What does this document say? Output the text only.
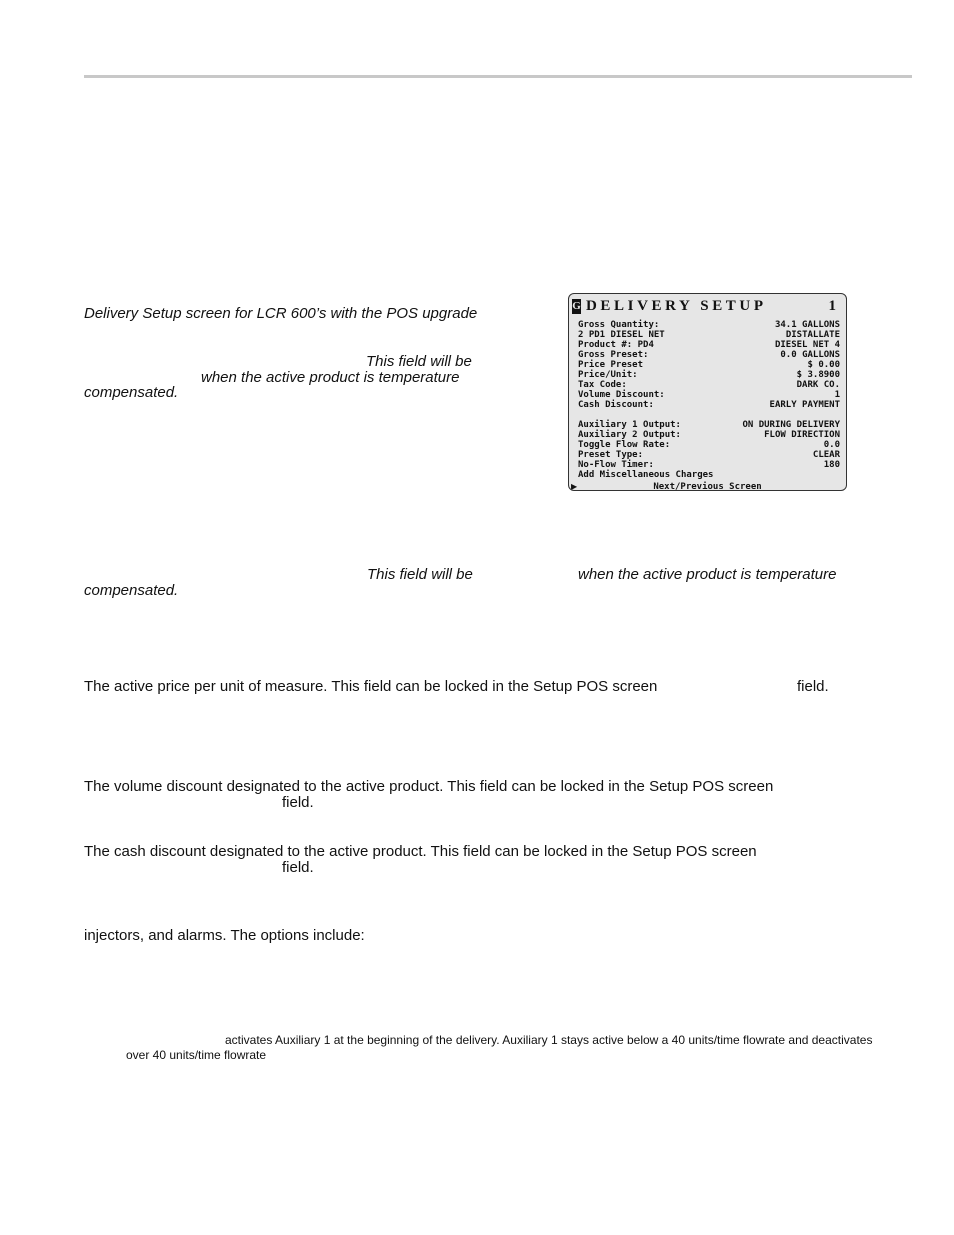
Delivery Setup screen for LCR 600’s with the POS upgrade
This field will be
when the active product is temperature
compensated.
This field will be	when the active product is temperature
compensated.
The active price per unit of measure. This field can be locked in the Setup POS screen	field.
The volume discount designated to the active product. This field can be locked in the Setup POS screen
field.
The cash discount designated to the active product. This field can be locked in the Setup POS screen
field.
injectors, and alarms. The options include:
activates Auxiliary 1 at the beginning of the delivery. Auxiliary 1 stays active below a 40 units/time flowrate and deactivates
over 40 units/time flowrate
G DELIVERY SETUP	1
Gross Quantity:	34.1 GALLONS
2 PD1 DIESEL NET	DISTALLATE
Product #: PD4	DIESEL NET 4
Gross Preset:	0.0 GALLONS
Price Preset	$ 0.00
Price/Unit:	$ 3.8900
Tax Code:	DARK CO.
Volume Discount:	1
Cash Discount:	EARLY PAYMENT
Auxiliary 1 Output:	ON DURING DELIVERY
Auxiliary 2 Output:	FLOW DIRECTION
Toggle Flow Rate:	0.0
Preset Type:	CLEAR
No-Flow Timer:	180
Add Miscellaneous Charges
Next/Previous Screen
▶
